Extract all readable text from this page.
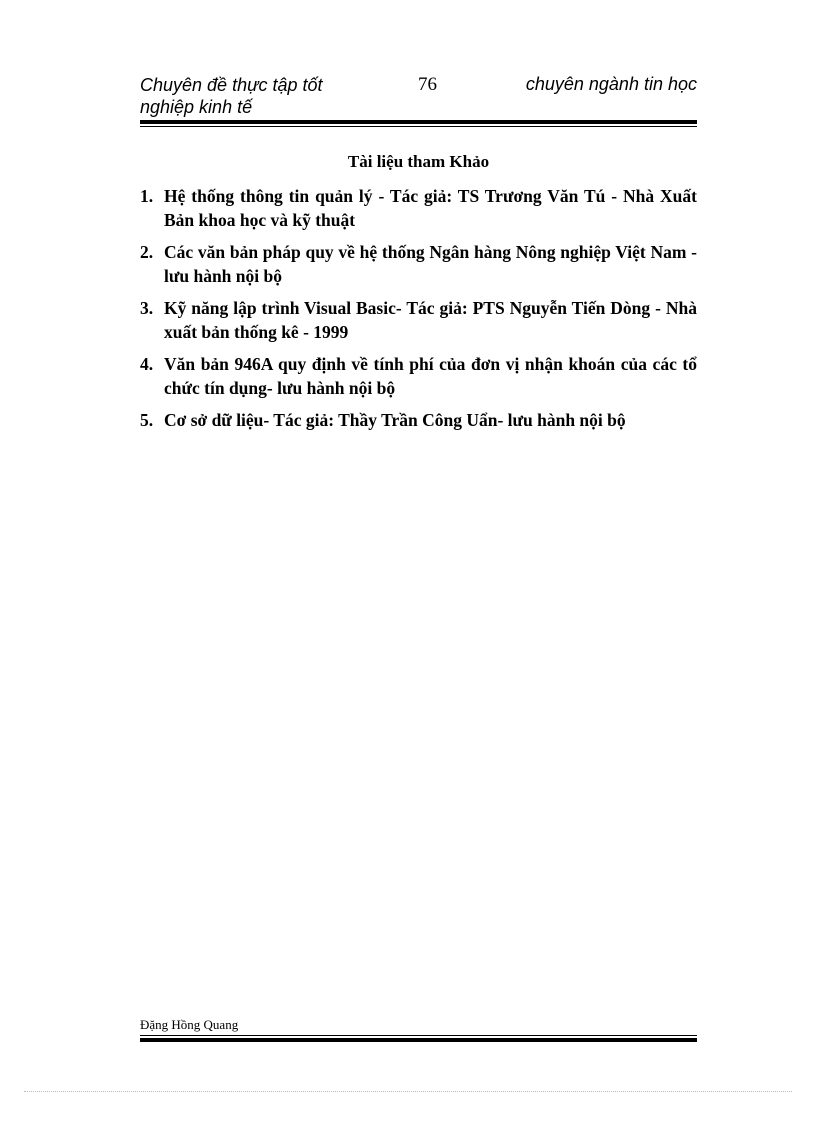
Chuyên đề thực tập tốt nghiệp kinh tế
76	chuyên ngành tin học
Tài liệu tham Khảo
1. Hệ thống thông tin quản lý - Tác giả: TS Trương Văn Tú - Nhà Xuất Bản khoa học và kỹ thuật
2. Các văn bản pháp quy về hệ thống Ngân hàng Nông nghiệp Việt Nam - lưu hành nội bộ
3. Kỹ năng lập trình Visual Basic- Tác giả: PTS Nguyễn Tiến Dòng - Nhà xuất bản thống kê - 1999
4. Văn bản 946A quy định về tính phí của đơn vị nhận khoán của các tổ chức tín dụng- lưu hành nội bộ
5. Cơ sở dữ liệu- Tác giả: Thầy Trần Công Uẩn- lưu hành nội bộ
Đặng Hồng Quang
